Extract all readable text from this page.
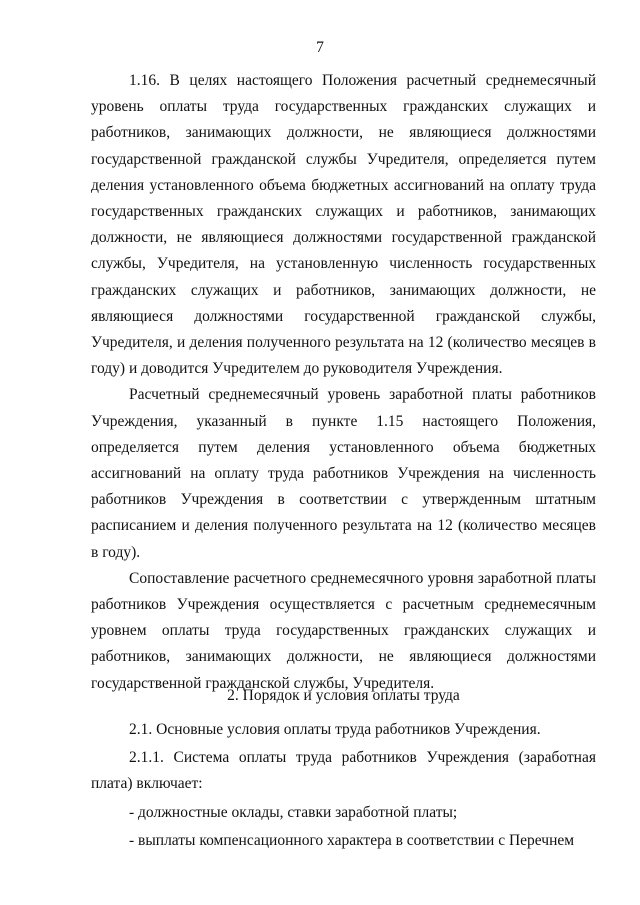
7

1.16. В целях настоящего Положения расчетный среднемесячный уровень оплаты труда государственных гражданских служащих и работников, занимающих должности, не являющиеся должностями государственной гражданской службы Учредителя, определяется путем деления установленного объема бюджетных ассигнований на оплату труда государственных гражданских служащих и работников, занимающих должности, не являющиеся должностями государственной гражданской службы, Учредителя, на установленную численность государственных гражданских служащих и работников, занимающих должности, не являющиеся должностями государственной гражданской службы, Учредителя, и деления полученного результата на 12 (количество месяцев в году) и доводится Учредителем до руководителя Учреждения.

Расчетный среднемесячный уровень заработной платы работников Учреждения, указанный в пункте 1.15 настоящего Положения, определяется путем деления установленного объема бюджетных ассигнований на оплату труда работников Учреждения на численность работников Учреждения в соответствии с утвержденным штатным расписанием и деления полученного результата на 12 (количество месяцев в году).

Сопоставление расчетного среднемесячного уровня заработной платы работников Учреждения осуществляется с расчетным среднемесячным уровнем оплаты труда государственных гражданских служащих и работников, занимающих должности, не являющиеся должностями государственной гражданской службы, Учредителя.

2. Порядок и условия оплаты труда

2.1. Основные условия оплаты труда работников Учреждения.

2.1.1. Система оплаты труда работников Учреждения (заработная плата) включает:

- должностные оклады, ставки заработной платы;

- выплаты компенсационного характера в соответствии с Перечнем
